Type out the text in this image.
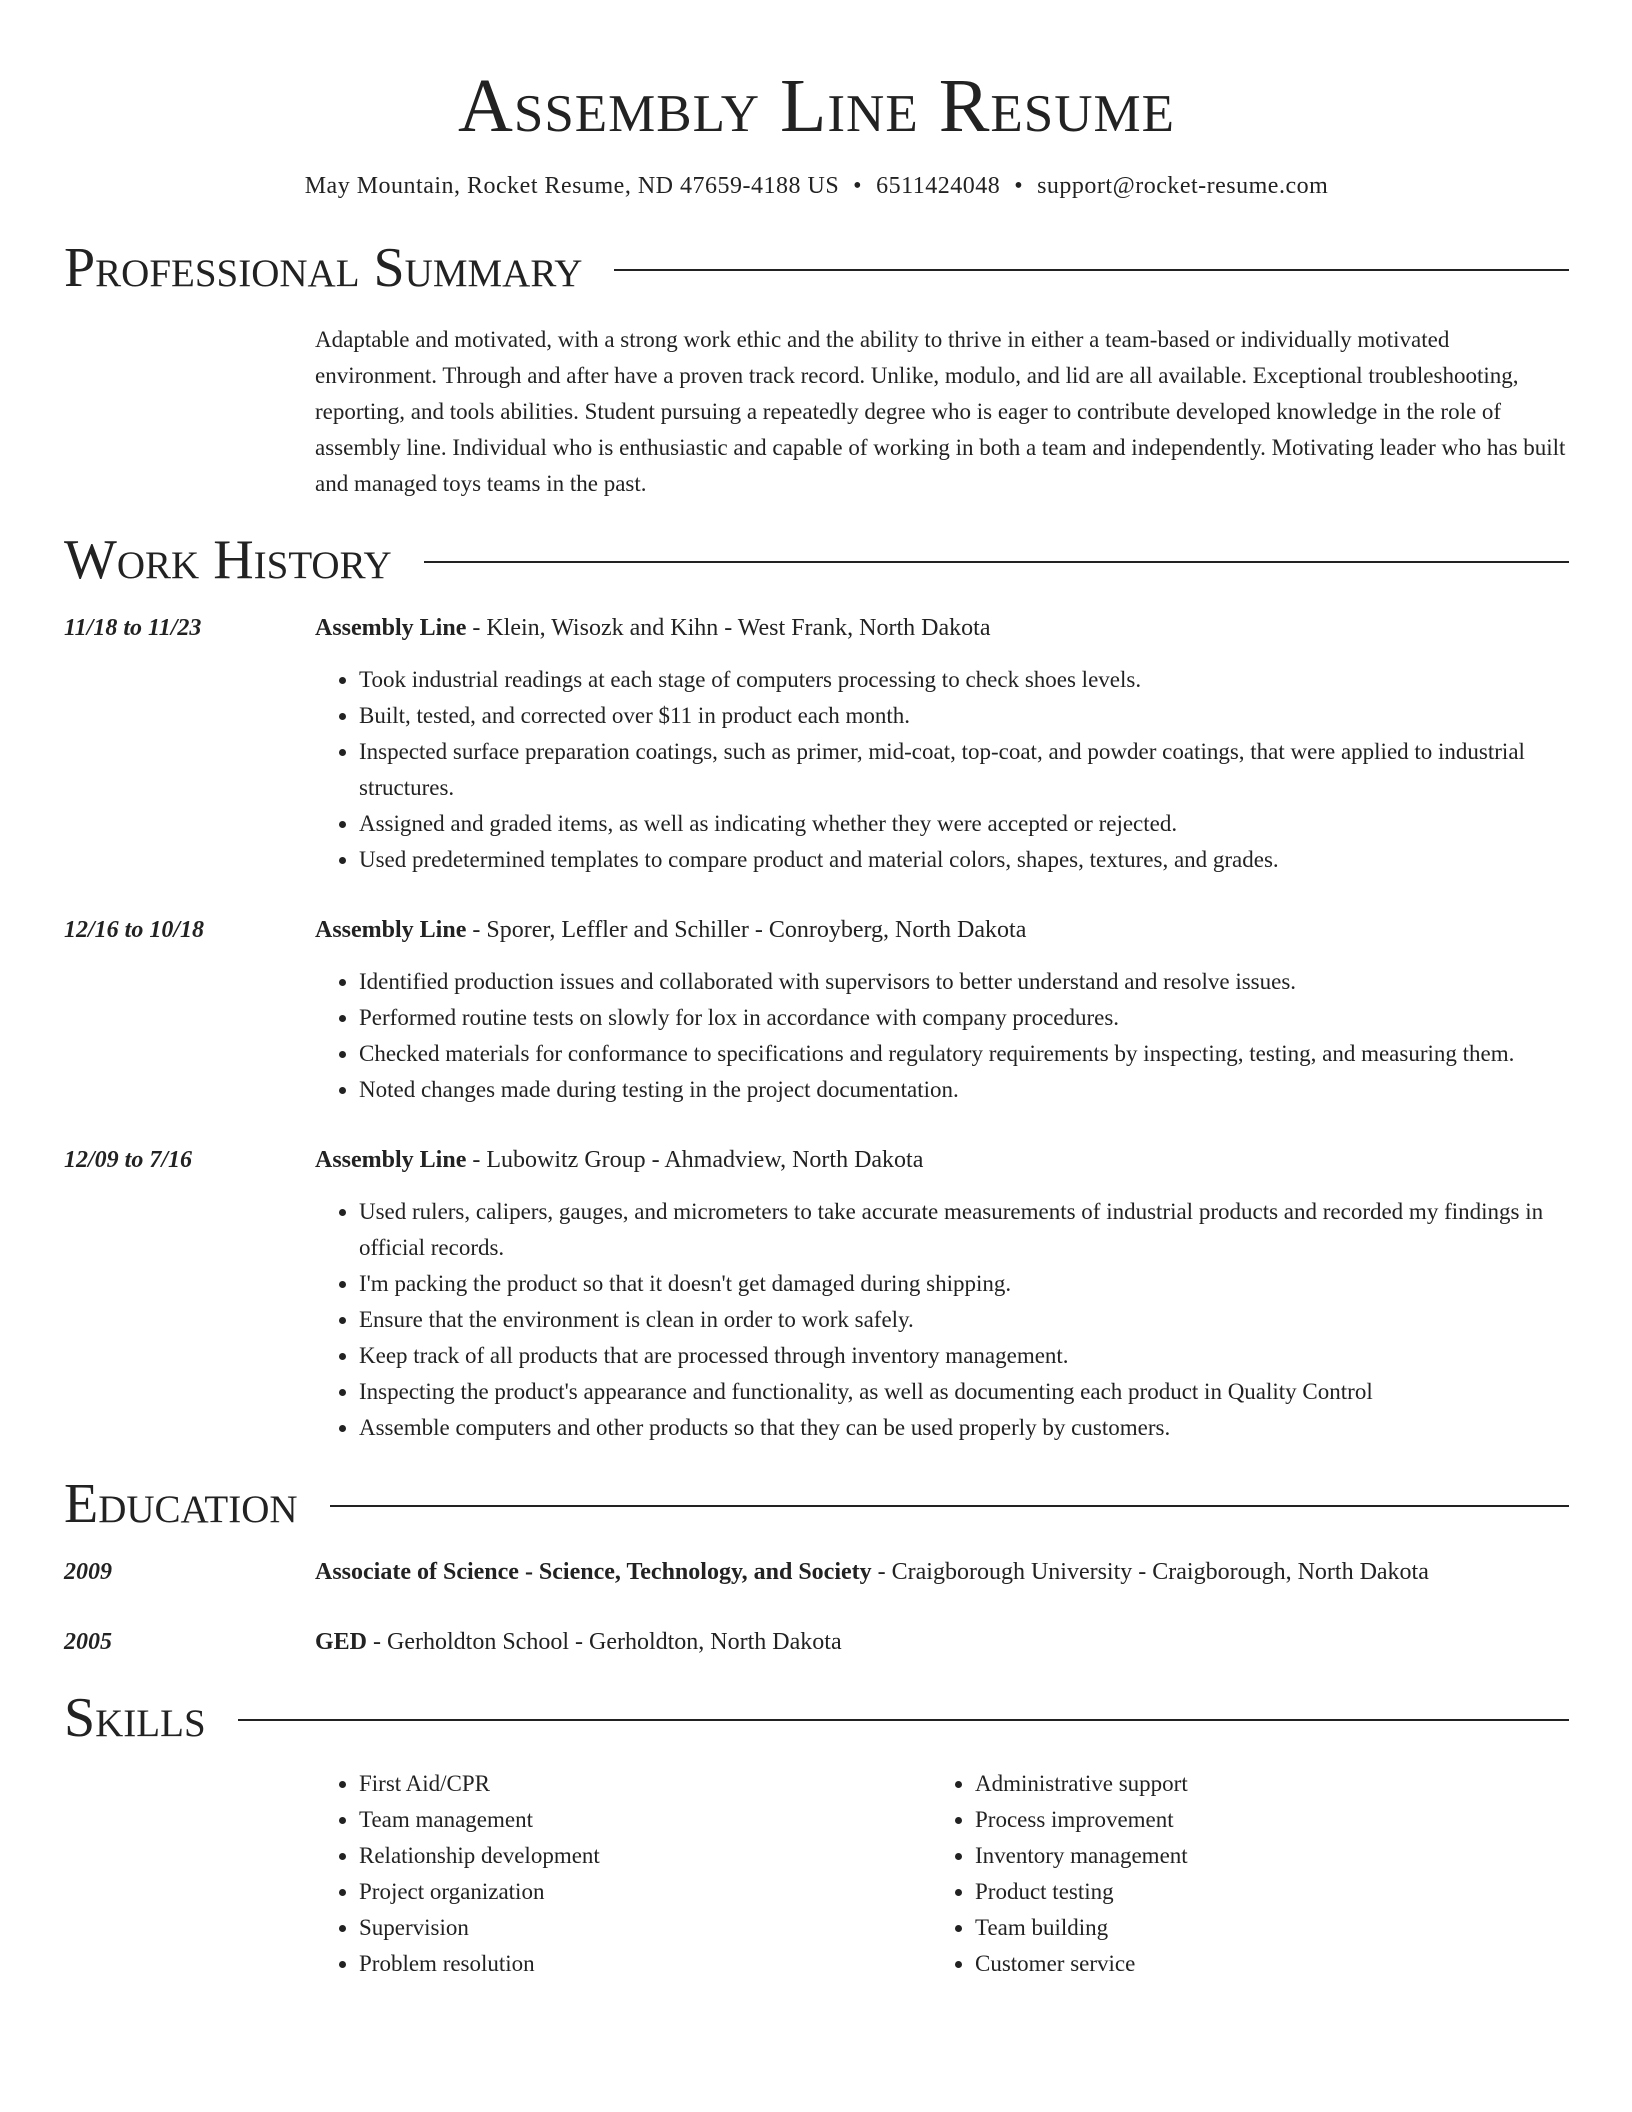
Assembly Line Resume
May Mountain, Rocket Resume, ND 47659-4188 US • 6511424048 • support@rocket-resume.com
Professional Summary
Adaptable and motivated, with a strong work ethic and the ability to thrive in either a team-based or individually motivated environment. Through and after have a proven track record. Unlike, modulo, and lid are all available. Exceptional troubleshooting, reporting, and tools abilities. Student pursuing a repeatedly degree who is eager to contribute developed knowledge in the role of assembly line. Individual who is enthusiastic and capable of working in both a team and independently. Motivating leader who has built and managed toys teams in the past.
Work History
11/18 to 11/23	Assembly Line - Klein, Wisozk and Kihn - West Frank, North Dakota
• Took industrial readings at each stage of computers processing to check shoes levels.
• Built, tested, and corrected over $11 in product each month.
• Inspected surface preparation coatings, such as primer, mid-coat, top-coat, and powder coatings, that were applied to industrial structures.
• Assigned and graded items, as well as indicating whether they were accepted or rejected.
• Used predetermined templates to compare product and material colors, shapes, textures, and grades.
12/16 to 10/18	Assembly Line - Sporer, Leffler and Schiller - Conroyberg, North Dakota
• Identified production issues and collaborated with supervisors to better understand and resolve issues.
• Performed routine tests on slowly for lox in accordance with company procedures.
• Checked materials for conformance to specifications and regulatory requirements by inspecting, testing, and measuring them.
• Noted changes made during testing in the project documentation.
12/09 to 7/16	Assembly Line - Lubowitz Group - Ahmadview, North Dakota
• Used rulers, calipers, gauges, and micrometers to take accurate measurements of industrial products and recorded my findings in official records.
• I'm packing the product so that it doesn't get damaged during shipping.
• Ensure that the environment is clean in order to work safely.
• Keep track of all products that are processed through inventory management.
• Inspecting the product's appearance and functionality, as well as documenting each product in Quality Control
• Assemble computers and other products so that they can be used properly by customers.
Education
2009	Associate of Science - Science, Technology, and Society - Craigborough University - Craigborough, North Dakota
2005	GED - Gerholdton School - Gerholdton, North Dakota
Skills
• First Aid/CPR
• Team management
• Relationship development
• Project organization
• Supervision
• Problem resolution
• Administrative support
• Process improvement
• Inventory management
• Product testing
• Team building
• Customer service
